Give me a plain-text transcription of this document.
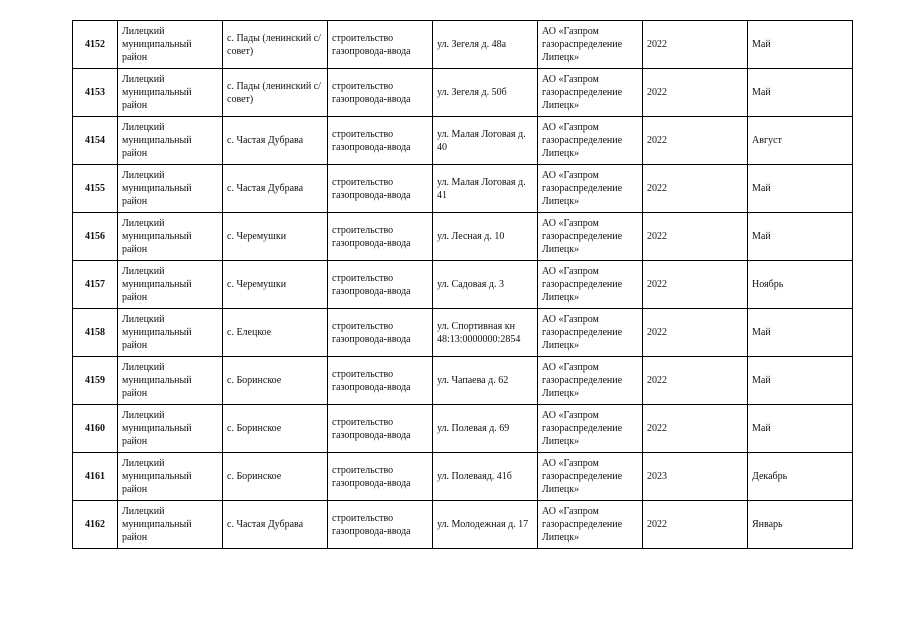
4152	Лилецкий муниципальный район	с. Пады (ленинский с/совет)	строительство газопровода-ввода	ул. Зегеля д. 48а	АО «Газпром газораспределение Липецк»	2022	Май
4153	Лилецкий муниципальный район	с. Пады (ленинский с/совет)	строительство газопровода-ввода	ул. Зегеля д. 50б	АО «Газпром газораспределение Липецк»	2022	Май
4154	Лилецкий муниципальный район	с. Частая Дубрава	строительство газопровода-ввода	ул. Малая Логовая д. 40	АО «Газпром газораспределение Липецк»	2022	Август
4155	Лилецкий муниципальный район	с. Частая Дубрава	строительство газопровода-ввода	ул. Малая Логовая д. 41	АО «Газпром газораспределение Липецк»	2022	Май
4156	Лилецкий муниципальный район	с. Черемушки	строительство газопровода-ввода	ул. Лесная д. 10	АО «Газпром газораспределение Липецк»	2022	Май
4157	Лилецкий муниципальный район	с. Черемушки	строительство газопровода-ввода	ул. Садовая д. 3	АО «Газпром газораспределение Липецк»	2022	Ноябрь
4158	Лилецкий муниципальный район	с. Елецкое	строительство газопровода-ввода	ул. Спортивная кн 48:13:0000000:2854	АО «Газпром газораспределение Липецк»	2022	Май
4159	Лилецкий муниципальный район	с. Боринское	строительство газопровода-ввода	ул. Чапаева д. 62	АО «Газпром газораспределение Липецк»	2022	Май
4160	Лилецкий муниципальный район	с. Боринское	строительство газопровода-ввода	ул. Полевая д. 69	АО «Газпром газораспределение Липецк»	2022	Май
4161	Лилецкий муниципальный район	с. Боринское	строительство газопровода-ввода	ул. Полеваяд. 41б	АО «Газпром газораспределение Липецк»	2023	Декабрь
4162	Лилецкий муниципальный район	с. Частая Дубрава	строительство газопровода-ввода	ул. Молодежная д. 17	АО «Газпром газораспределение Липецк»	2022	Январь
